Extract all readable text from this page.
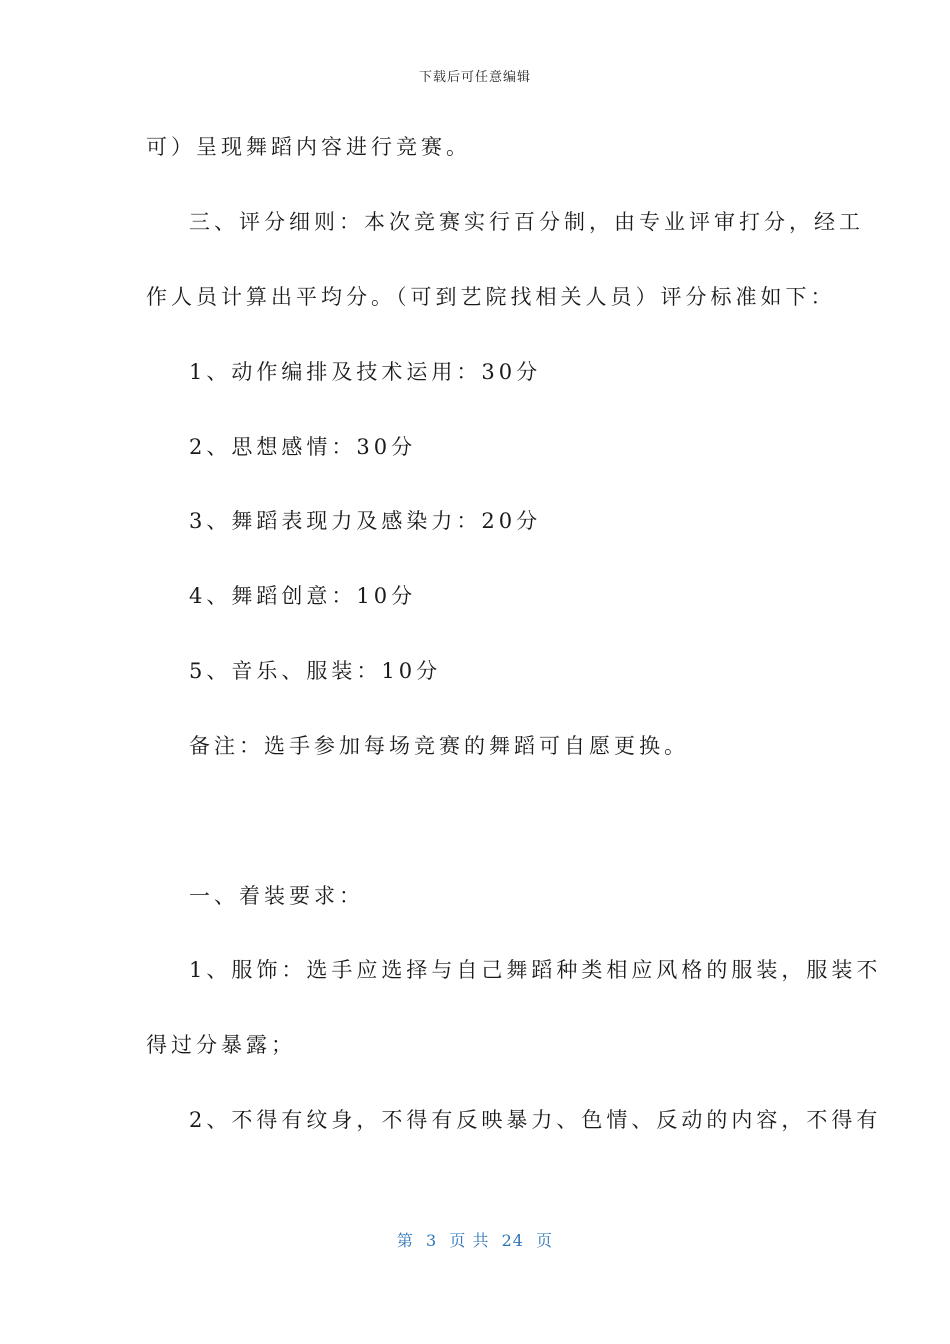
下载后可任意编辑
可）呈现舞蹈内容进行竞赛。
三、评分细则：本次竞赛实行百分制，由专业评审打分，经工
作人员计算出平均分。（可到艺院找相关人员）评分标准如下：
1、动作编排及技术运用：30分
2、思想感情：30分
3、舞蹈表现力及感染力：20分
4、舞蹈创意：10分
5、音乐、服装：10分
备注：选手参加每场竞赛的舞蹈可自愿更换。
一、着装要求：
1、服饰：选手应选择与自己舞蹈种类相应风格的服装，服装不
得过分暴露；
2、不得有纹身，不得有反映暴力、色情、反动的内容，不得有
第  3  页 共  24  页
